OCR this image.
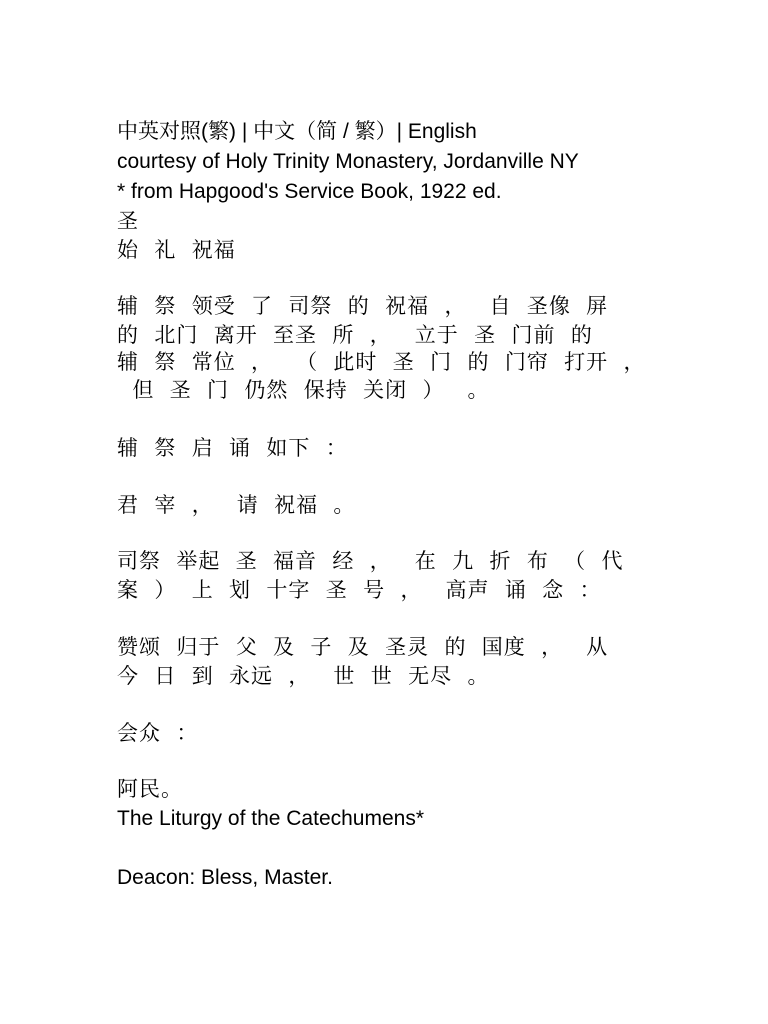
中英对照(繁) | 中文（简 / 繁）| English
courtesy of Holy Trinity Monastery, Jordanville NY
* from Hapgood's Service Book, 1922 ed.
圣
始  礼  祝福
辅  祭  领受  了  司祭  的  祝福  ，   自  圣像  屏
的  北门  离开  至圣  所  ，   立于  圣  门前  的
辅  祭  常位  ，   （  此时  圣  门  的  门帘  打开  ，
但  圣  门  仍然  保持  关闭  ）   。
辅  祭  启  诵  如下  ：
君  宰  ，   请  祝福  。
司祭  举起  圣  福音  经  ，   在  九  折  布  （  代
案  ）  上  划  十字  圣  号  ，   高声  诵  念  ：
赞颂  归于  父  及  子  及  圣灵  的  国度  ，   从
今  日  到  永远  ，   世  世  无尽  。
会众  ：
阿民。
The Liturgy of the Catechumens*
Deacon: Bless, Master.
